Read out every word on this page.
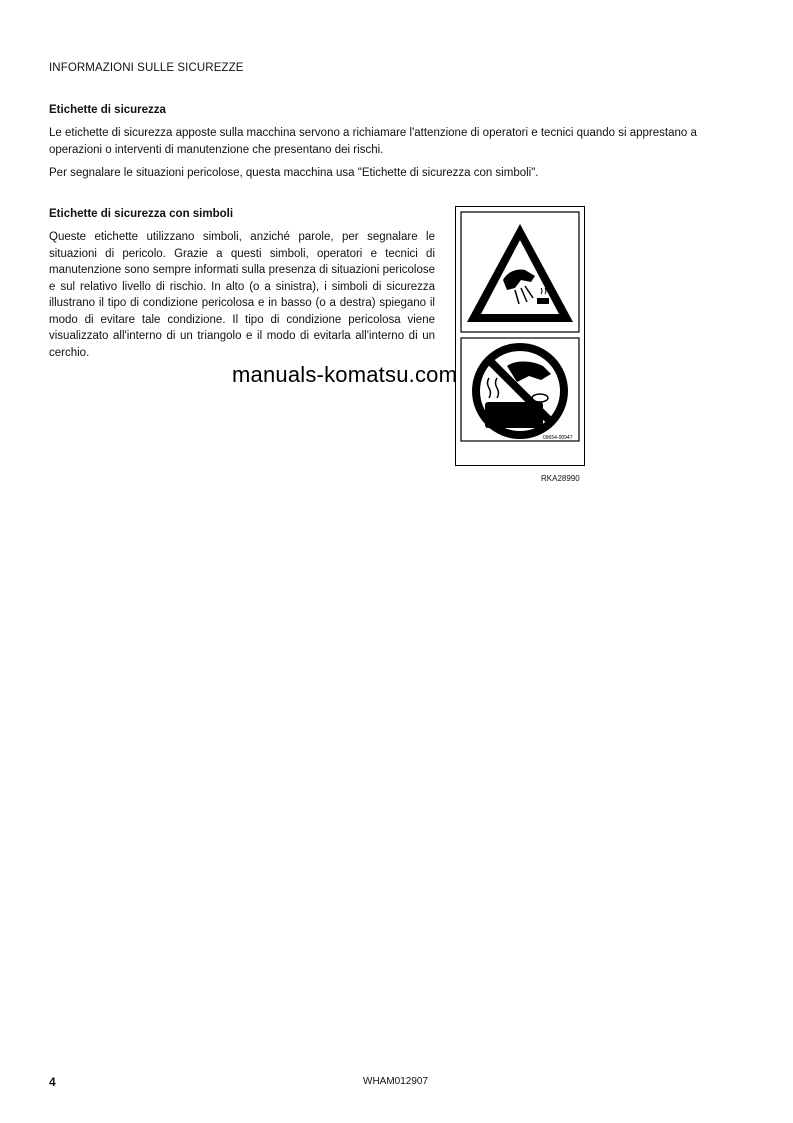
INFORMAZIONI SULLE SICUREZZE
Etichette di sicurezza
Le etichette di sicurezza apposte sulla macchina servono a richiamare l'attenzione di operatori e tecnici quando si apprestano a operazioni o interventi di manutenzione che presentano dei rischi.
Per segnalare le situazioni pericolose, questa macchina usa "Etichette di sicurezza con simboli".
Etichette di sicurezza con simboli
Queste etichette utilizzano simboli, anziché parole, per segnalare le situazioni di pericolo. Grazie a questi simboli, operatori e tecnici di manutenzione sono sempre informati sulla presenza di situazioni pericolose e sul relativo livello di rischio. In alto (o a sinistra), i simboli di sicurezza illustrano il tipo di condizione pericolosa e in basso (o a destra) spiegano il modo di evitare tale condizione. Il tipo di condizione pericolosa viene visualizzato all'interno di un triangolo e il modo di evitarla all'interno di un cerchio.
09654-00947
RKA28990
manuals-komatsu.com
4	WHAM012907
